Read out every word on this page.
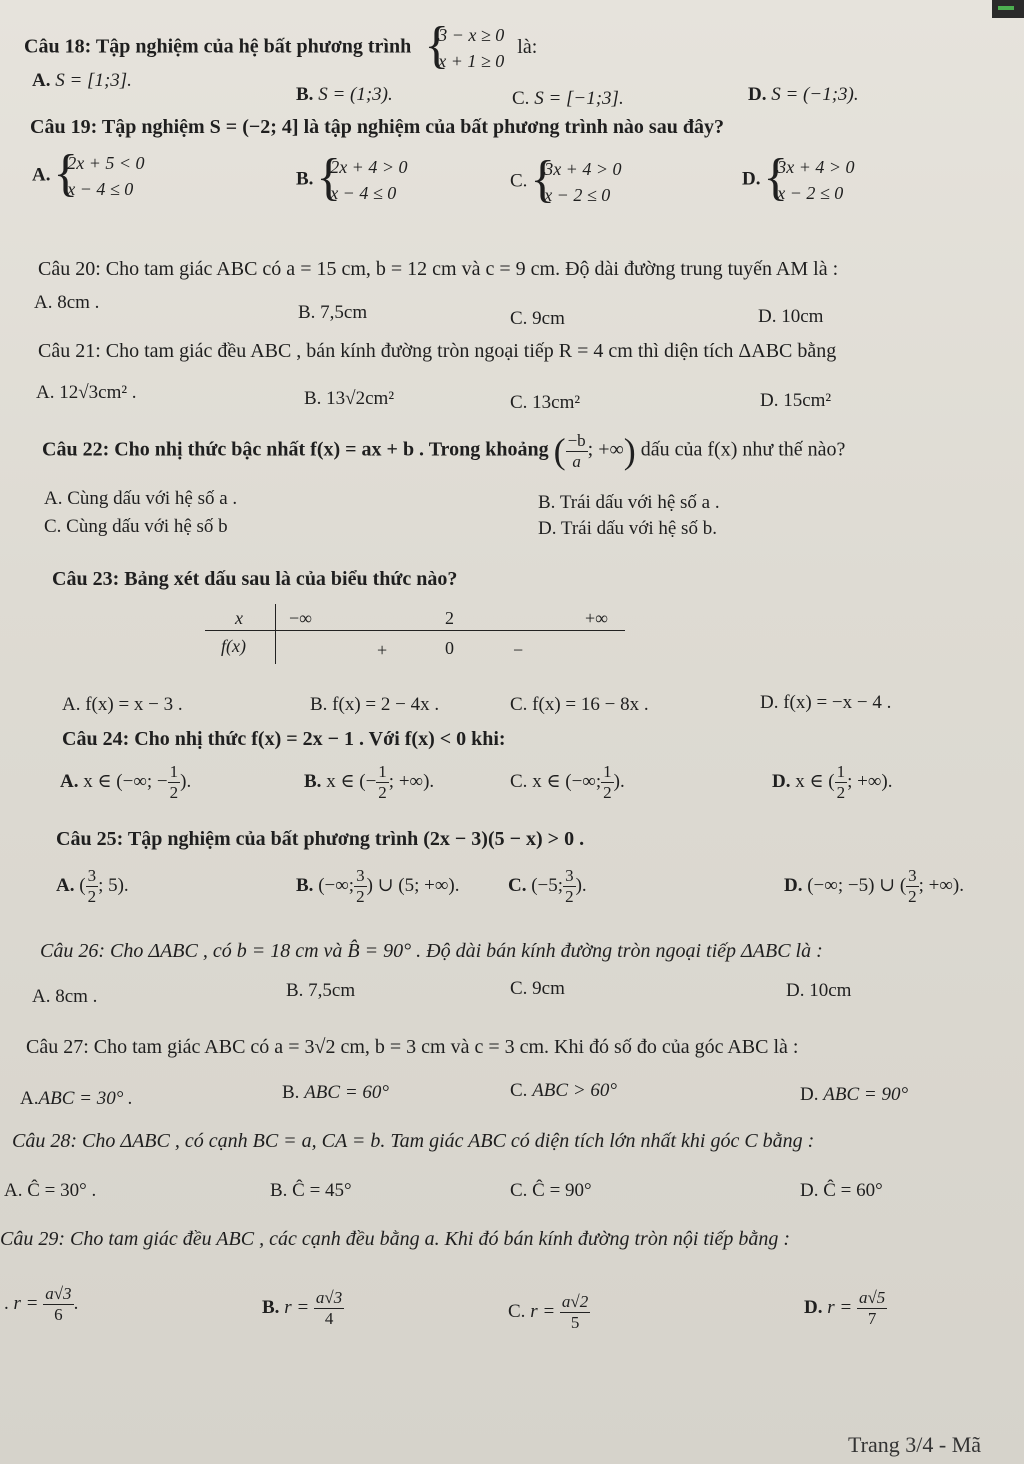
Câu 18: Tập nghiệm của hệ bất phương trình
{ 3 − x ≥ 0
x + 1 ≥ 0
là:
A. S = [1;3].
B. S = (1;3).	C. S = [−1;3].	D. S = (−1;3).
Câu 19: Tập nghiệm S = (−2; 4] là tập nghiệm của bất phương trình nào sau đây?
A.
{ 2x + 5 < 0
x − 4 ≤ 0	B.
{ 2x + 4 > 0
x − 4 ≤ 0
C.
{ 3x + 4 > 0
x − 2 ≤ 0
D.
{ 3x + 4 > 0
x − 2 ≤ 0
Câu 20: Cho tam giác ABC có a = 15 cm, b = 12 cm và c = 9 cm. Độ dài đường trung tuyến AM là :
A. 8cm .	B. 7,5cm	C. 9cm	D. 10cm
Câu 21: Cho tam giác đều ABC , bán kính đường tròn ngoại tiếp R = 4 cm thì diện tích ΔABC bằng
A. 12√3cm² .	B. 13√2cm²	C. 13cm²	D. 15cm²
Câu 22: Cho nhị thức bậc nhất f(x) = ax + b . Trong khoảng ( $\frac{-b}{a}$ ; +∞) dấu của f(x) như thế nào?
A. Cùng dấu với hệ số a .	B. Trái dấu với hệ số a .
C. Cùng dấu với hệ số b	D. Trái dấu với hệ số b.
Câu 23: Bảng xét dấu sau là của biểu thức nào?
x	−∞	2	+∞
f(x)	+	0	−
A. f(x) = x − 3 .	B. f(x) = 2 − 4x .	C. f(x) = 16 − 8x .	D. f(x) = −x − 4 .
Câu 24: Cho nhị thức f(x) = 2x − 1 . Với f(x) < 0 khi:
A. x ∈ (−∞; − $\frac{1}{2}$ ).	B. x ∈ (− $\frac{1}{2}$ ; +∞).	C. x ∈ (−∞; $\frac{1}{2}$ ).	D. x ∈ ( $\frac{1}{2}$ ; +∞).
Câu 25: Tập nghiệm của bất phương trình (2x − 3)(5 − x) > 0 .
A. ( $\frac{3}{2}$ ; 5).	B. (−∞; $\frac{3}{2}$ ) ∪ (5; +∞).	C. (−5; $\frac{3}{2}$ ).	D. (−∞; −5) ∪ ( $\frac{3}{2}$ ; +∞).
Câu 26: Cho ΔABC , có b = 18 cm và B̂ = 90° . Độ dài bán kính đường tròn ngoại tiếp ΔABC là :
A. 8cm .	B. 7,5cm	C. 9cm	D. 10cm
Câu 27: Cho tam giác ABC có a = 3√2 cm, b = 3 cm và c = 3 cm. Khi đó số đo của góc ABC là :
A.ABC = 30° .	B. ABC = 60°	C. ABC > 60°	D. ABC = 90°
Câu 28: Cho ΔABC , có cạnh BC = a, CA = b. Tam giác ABC có diện tích lớn nhất khi góc C bằng :
A. Ĉ = 30° .	B. Ĉ = 45°	C. Ĉ = 90°	D. Ĉ = 60°
Câu 29: Cho tam giác đều ABC , các cạnh đều bằng a. Khi đó bán kính đường tròn nội tiếp bằng :
. $r = \frac{a√3}{6}$ .	B. $r = \frac{a√3}{4}$	C. $r = \frac{a√2}{5}$	D. $r = \frac{a√5}{7}$
Trang 3/4 - Mã
